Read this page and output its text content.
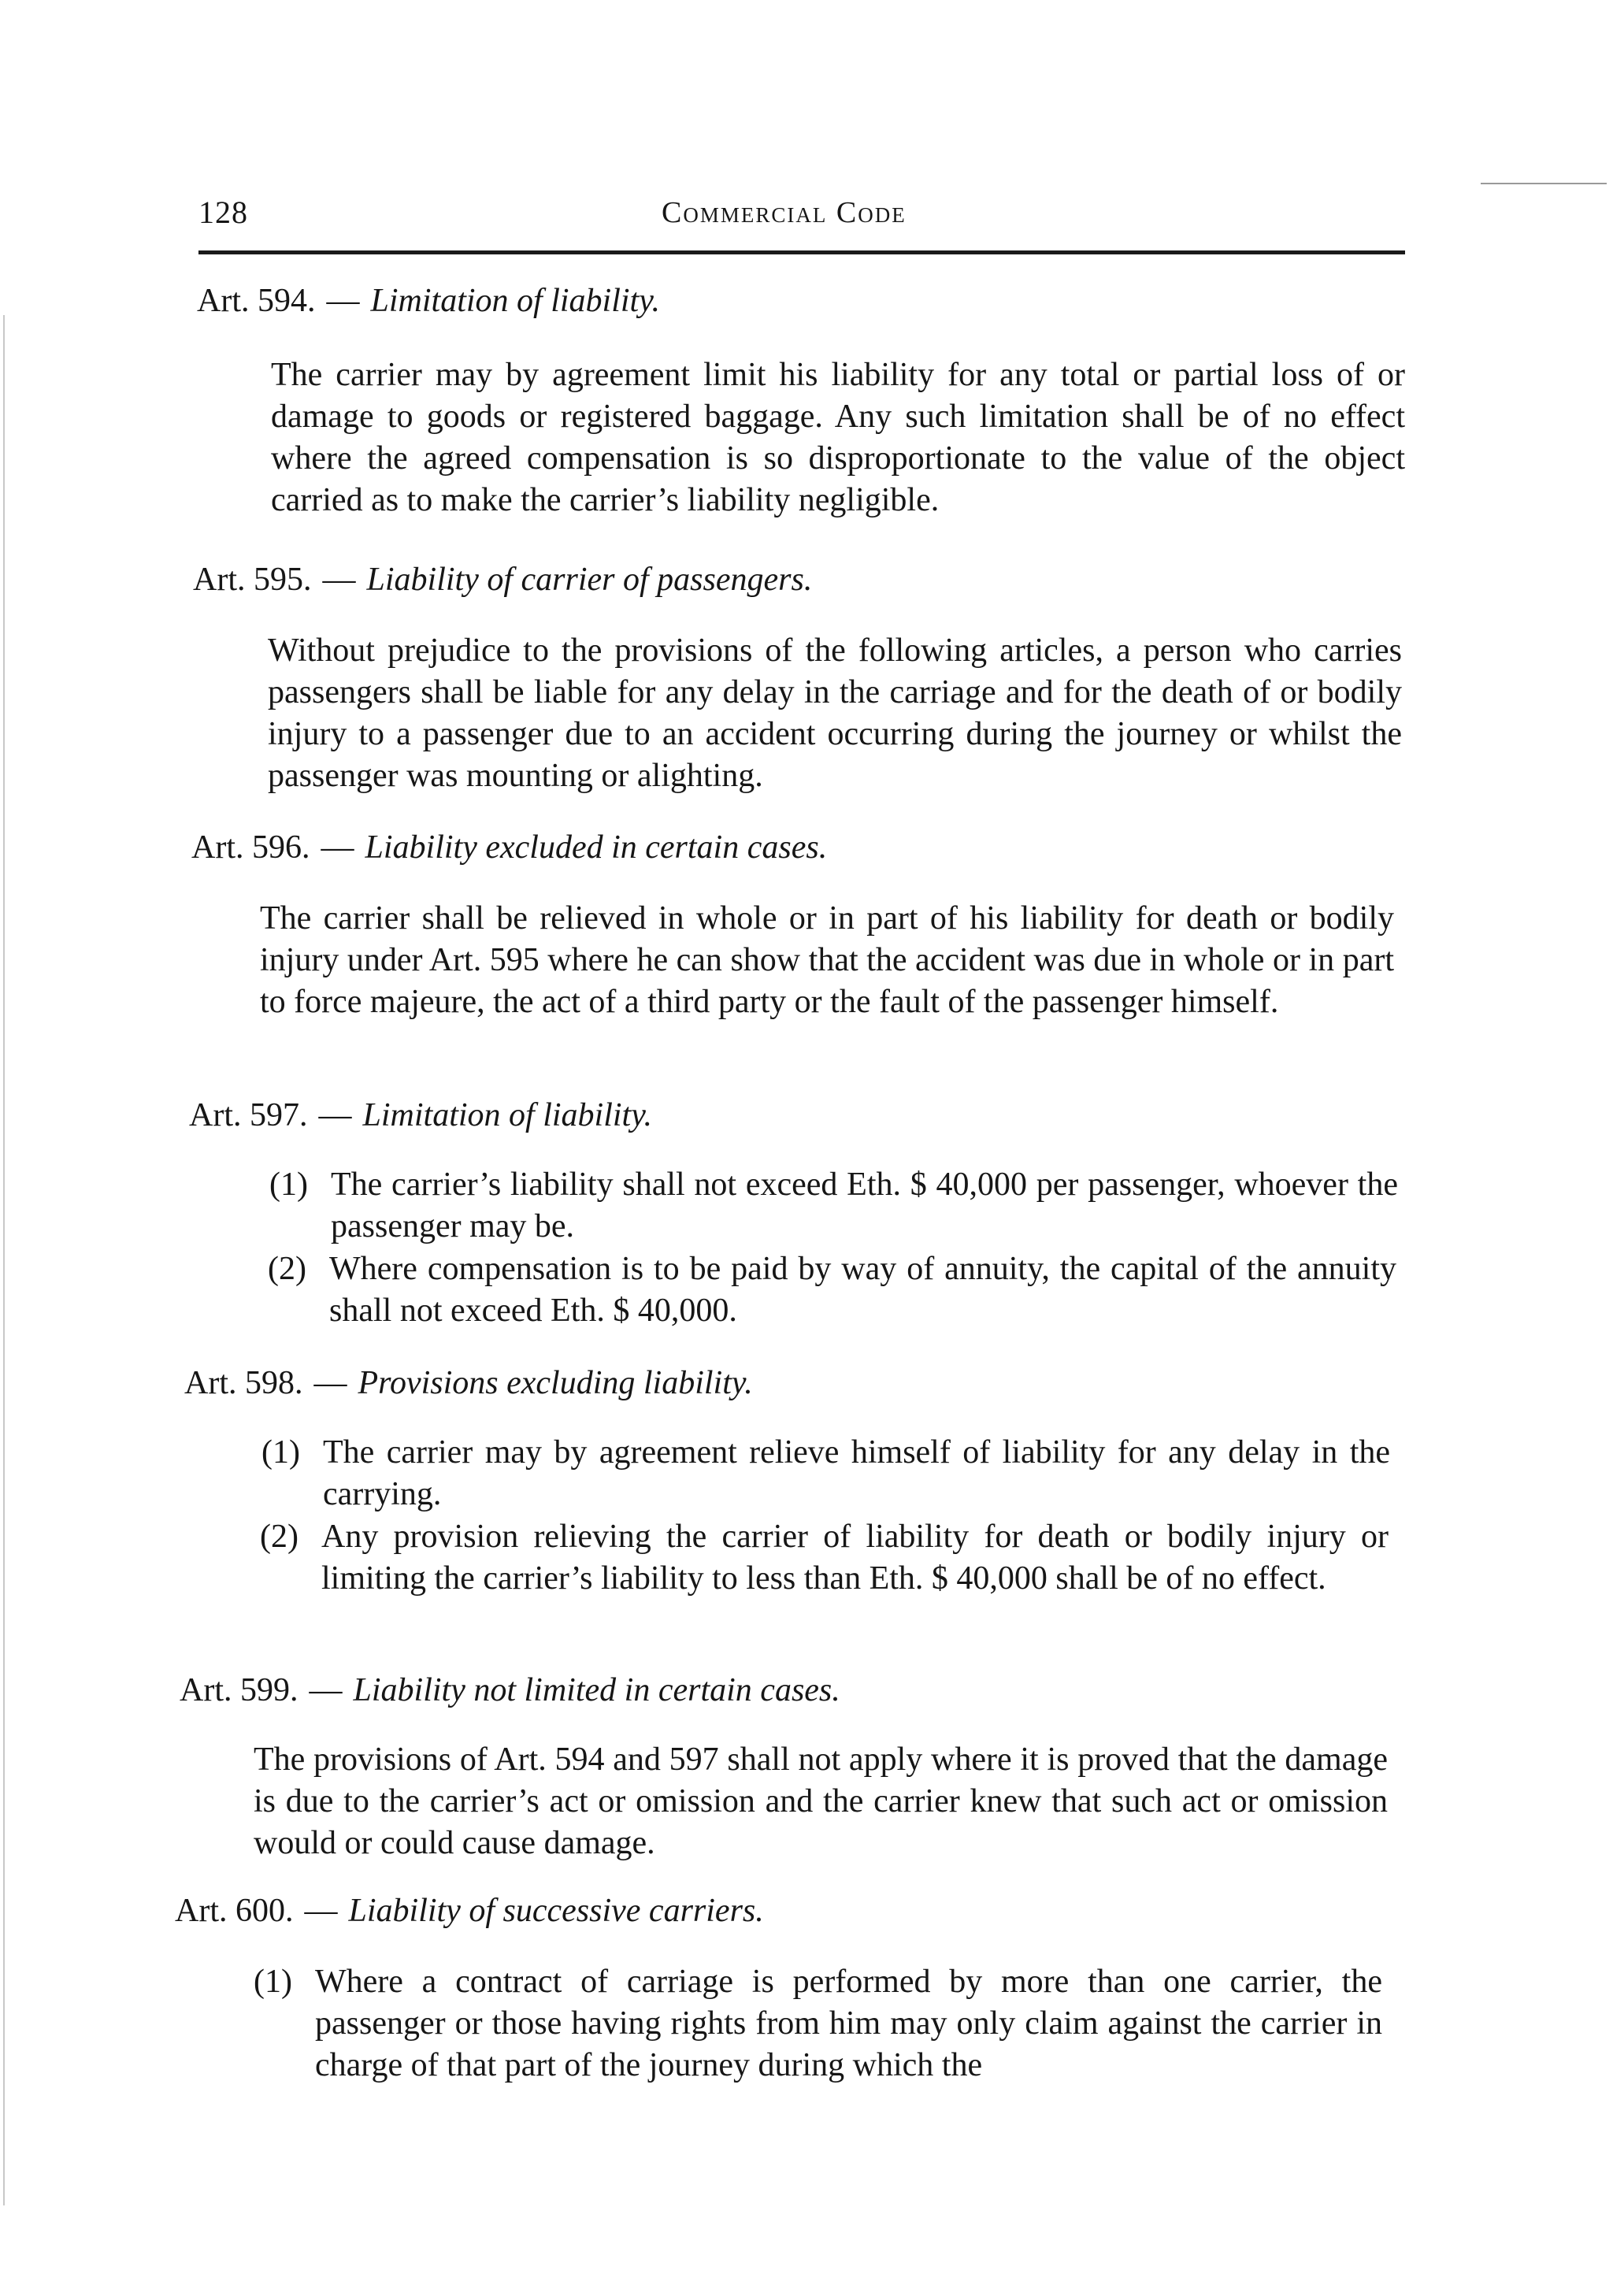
128	Commercial Code
Art. 594. — Limitation of liability.
The carrier may by agreement limit his liability for any total or partial loss of or damage to goods or registered baggage. Any such limitation shall be of no effect where the agreed compensation is so disproportionate to the value of the object carried as to make the carrier’s liability negligible.
Art. 595. — Liability of carrier of passengers.
Without prejudice to the provisions of the following articles, a person who carries passengers shall be liable for any delay in the carriage and for the death of or bodily injury to a passenger due to an accident occurring during the journey or whilst the passenger was mounting or alighting.
Art. 596. — Liability excluded in certain cases.
The carrier shall be relieved in whole or in part of his liability for death or bodily injury under Art. 595 where he can show that the accident was due in whole or in part to force majeure, the act of a third party or the fault of the passenger himself.
Art. 597. — Limitation of liability.
(1) The carrier’s liability shall not exceed Eth. $ 40,000 per passenger, whoever the passenger may be.
(2) Where compensation is to be paid by way of annuity, the capital of the annuity shall not exceed Eth. $ 40,000.
Art. 598. — Provisions excluding liability.
(1) The carrier may by agreement relieve himself of liability for any delay in the carrying.
(2) Any provision relieving the carrier of liability for death or bodily injury or limiting the carrier’s liability to less than Eth. $ 40,000 shall be of no effect.
Art. 599. — Liability not limited in certain cases.
The provisions of Art. 594 and 597 shall not apply where it is proved that the damage is due to the carrier’s act or omission and the carrier knew that such act or omission would or could cause damage.
Art. 600. — Liability of successive carriers.
(1) Where a contract of carriage is performed by more than one carrier, the passenger or those having rights from him may only claim against the carrier in charge of that part of the journey during which the
